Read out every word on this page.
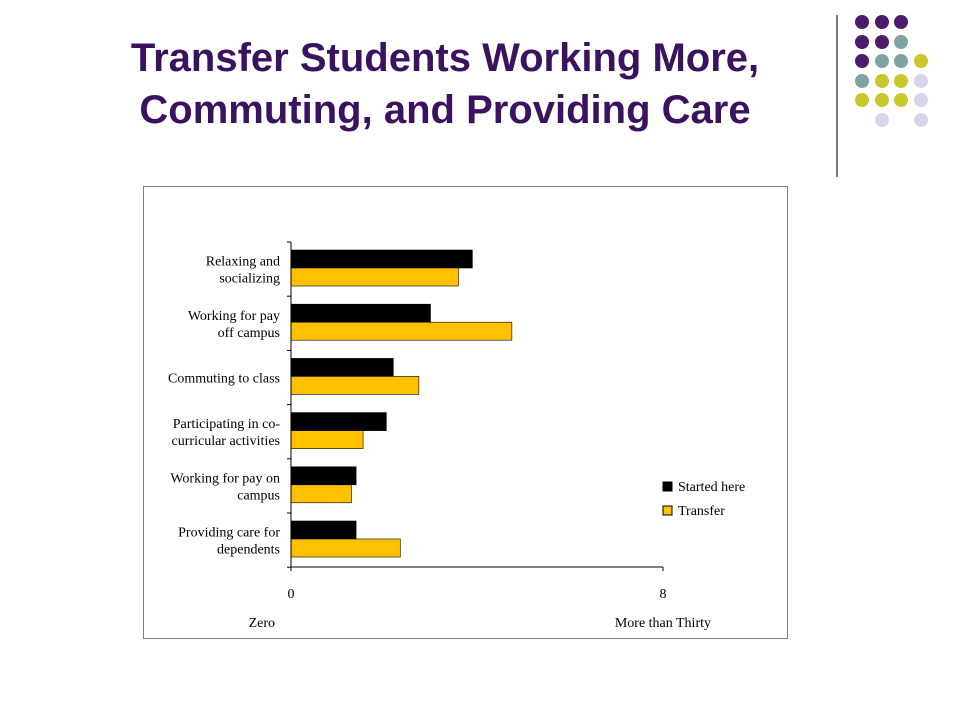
Transfer Students Working More,
Commuting, and Providing Care
Relaxing and socializing
Working for pay off campus
Commuting to class
Participating in co-curricular activities
Working for pay on campus
Providing care for dependents
0	8
Zero	More than Thirty
Started here
Transfer
